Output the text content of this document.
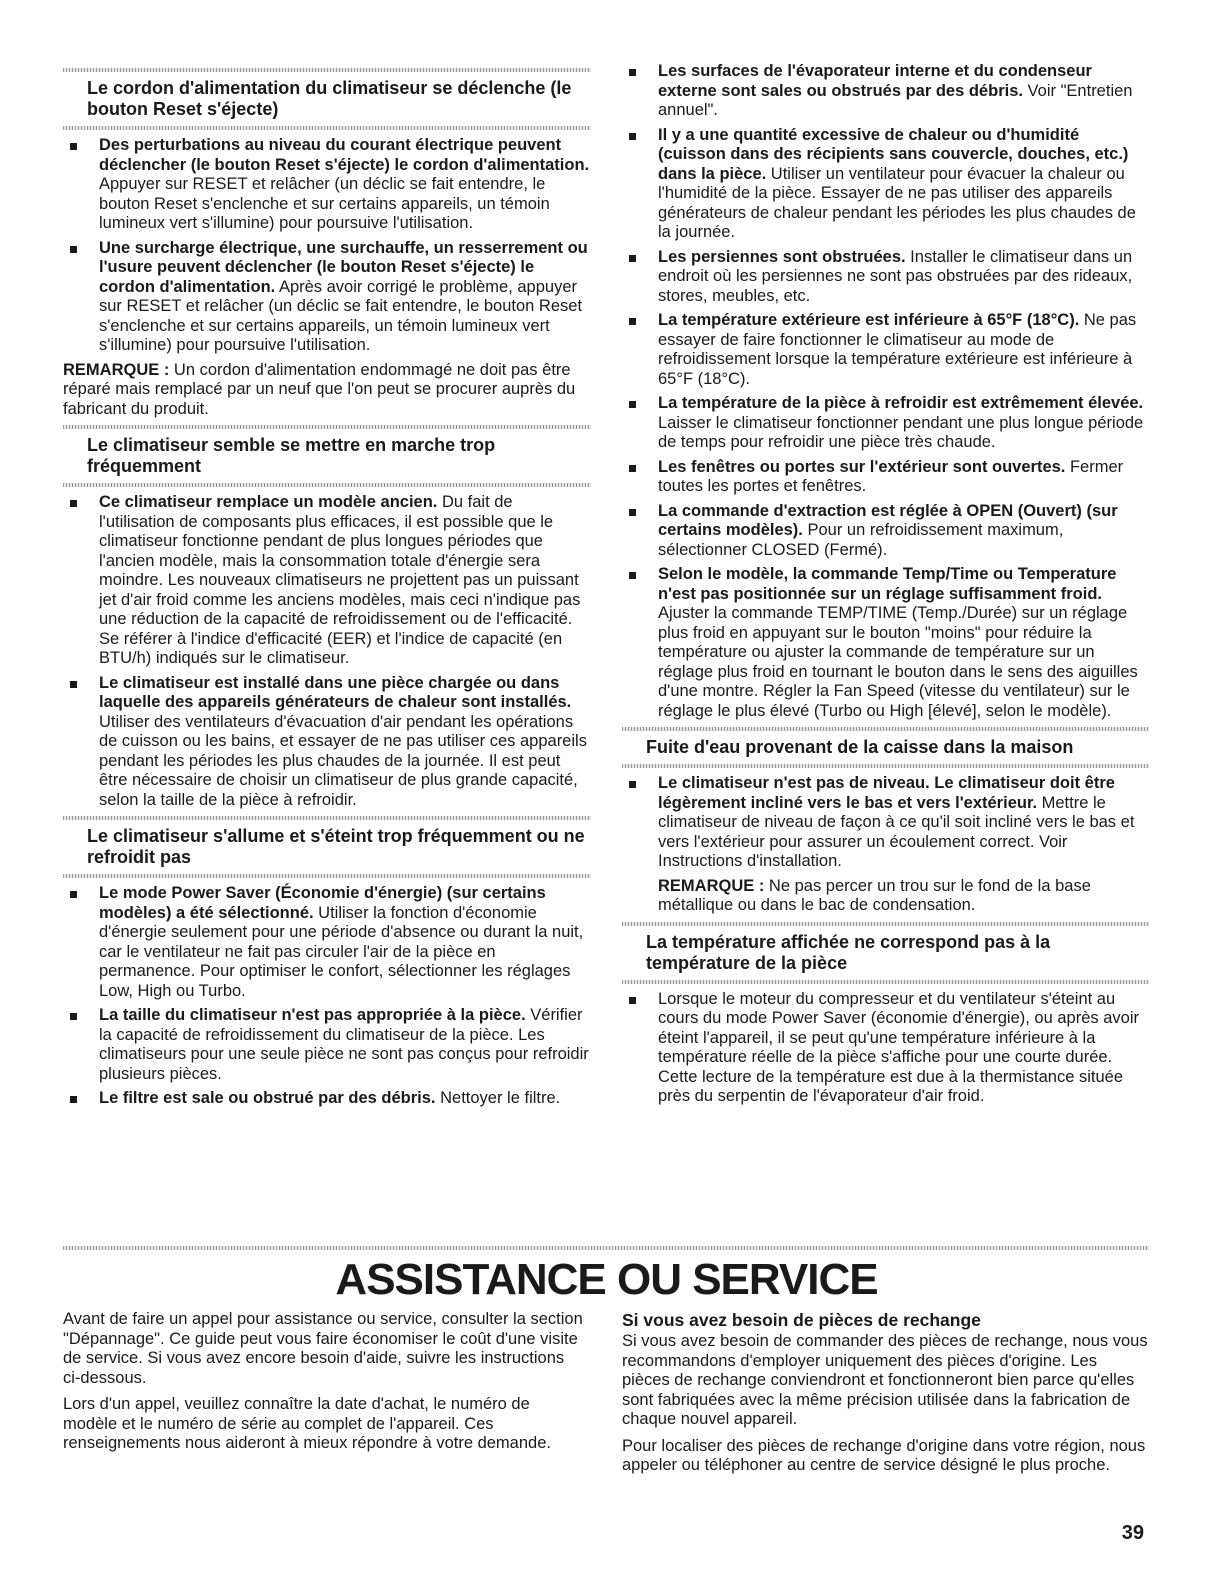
Le cordon d'alimentation du climatiseur se déclenche (le bouton Reset s'éjecte)
Des perturbations au niveau du courant électrique peuvent déclencher (le bouton Reset s'éjecte) le cordon d'alimentation. Appuyer sur RESET et relâcher (un déclic se fait entendre, le bouton Reset s'enclenche et sur certains appareils, un témoin lumineux vert s'illumine) pour poursuive l'utilisation.
Une surcharge électrique, une surchauffe, un resserrement ou l'usure peuvent déclencher (le bouton Reset s'éjecte) le cordon d'alimentation. Après avoir corrigé le problème, appuyer sur RESET et relâcher (un déclic se fait entendre, le bouton Reset s'enclenche et sur certains appareils, un témoin lumineux vert s'illumine) pour poursuive l'utilisation.
REMARQUE : Un cordon d'alimentation endommagé ne doit pas être réparé mais remplacé par un neuf que l'on peut se procurer auprès du fabricant du produit.
Le climatiseur semble se mettre en marche trop fréquemment
Ce climatiseur remplace un modèle ancien. Du fait de l'utilisation de composants plus efficaces, il est possible que le climatiseur fonctionne pendant de plus longues périodes que l'ancien modèle, mais la consommation totale d'énergie sera moindre. Les nouveaux climatiseurs ne projettent pas un puissant jet d'air froid comme les anciens modèles, mais ceci n'indique pas une réduction de la capacité de refroidissement ou de l'efficacité. Se référer à l'indice d'efficacité (EER) et l'indice de capacité (en BTU/h) indiqués sur le climatiseur.
Le climatiseur est installé dans une pièce chargée ou dans laquelle des appareils générateurs de chaleur sont installés. Utiliser des ventilateurs d'évacuation d'air pendant les opérations de cuisson ou les bains, et essayer de ne pas utiliser ces appareils pendant les périodes les plus chaudes de la journée. Il est peut être nécessaire de choisir un climatiseur de plus grande capacité, selon la taille de la pièce à refroidir.
Le climatiseur s'allume et s'éteint trop fréquemment ou ne refroidit pas
Le mode Power Saver (Économie d'énergie) (sur certains modèles) a été sélectionné. Utiliser la fonction d'économie d'énergie seulement pour une période d'absence ou durant la nuit, car le ventilateur ne fait pas circuler l'air de la pièce en permanence. Pour optimiser le confort, sélectionner les réglages Low, High ou Turbo.
La taille du climatiseur n'est pas appropriée à la pièce. Vérifier la capacité de refroidissement du climatiseur de la pièce. Les climatiseurs pour une seule pièce ne sont pas conçus pour refroidir plusieurs pièces.
Le filtre est sale ou obstrué par des débris. Nettoyer le filtre.
Les surfaces de l'évaporateur interne et du condenseur externe sont sales ou obstrués par des débris. Voir "Entretien annuel".
Il y a une quantité excessive de chaleur ou d'humidité (cuisson dans des récipients sans couvercle, douches, etc.) dans la pièce. Utiliser un ventilateur pour évacuer la chaleur ou l'humidité de la pièce. Essayer de ne pas utiliser des appareils générateurs de chaleur pendant les périodes les plus chaudes de la journée.
Les persiennes sont obstruées. Installer le climatiseur dans un endroit où les persiennes ne sont pas obstruées par des rideaux, stores, meubles, etc.
La température extérieure est inférieure à 65°F (18°C). Ne pas essayer de faire fonctionner le climatiseur au mode de refroidissement lorsque la température extérieure est inférieure à 65°F (18°C).
La température de la pièce à refroidir est extrêmement élevée. Laisser le climatiseur fonctionner pendant une plus longue période de temps pour refroidir une pièce très chaude.
Les fenêtres ou portes sur l'extérieur sont ouvertes. Fermer toutes les portes et fenêtres.
La commande d'extraction est réglée à OPEN (Ouvert) (sur certains modèles). Pour un refroidissement maximum, sélectionner CLOSED (Fermé).
Selon le modèle, la commande Temp/Time ou Temperature n'est pas positionnée sur un réglage suffisamment froid. Ajuster la commande TEMP/TIME (Temp./Durée) sur un réglage plus froid en appuyant sur le bouton "moins" pour réduire la température ou ajuster la commande de température sur un réglage plus froid en tournant le bouton dans le sens des aiguilles d'une montre. Régler la Fan Speed (vitesse du ventilateur) sur le réglage le plus élevé (Turbo ou High [élevé], selon le modèle).
Fuite d'eau provenant de la caisse dans la maison
Le climatiseur n'est pas de niveau. Le climatiseur doit être légèrement incliné vers le bas et vers l'extérieur. Mettre le climatiseur de niveau de façon à ce qu'il soit incliné vers le bas et vers l'extérieur pour assurer un écoulement correct. Voir Instructions d'installation.
REMARQUE : Ne pas percer un trou sur le fond de la base métallique ou dans le bac de condensation.
La température affichée ne correspond pas à la température de la pièce
Lorsque le moteur du compresseur et du ventilateur s'éteint au cours du mode Power Saver (économie d'énergie), ou après avoir éteint l'appareil, il se peut qu'une température inférieure à la température réelle de la pièce s'affiche pour une courte durée. Cette lecture de la température est due à la thermistance située près du serpentin de l'évaporateur d'air froid.
ASSISTANCE OU SERVICE

Avant de faire un appel pour assistance ou service, consulter la section "Dépannage". Ce guide peut vous faire économiser le coût d'une visite de service. Si vous avez encore besoin d'aide, suivre les instructions ci-dessous.

Lors d'un appel, veuillez connaître la date d'achat, le numéro de modèle et le numéro de série au complet de l'appareil. Ces renseignements nous aideront à mieux répondre à votre demande.

Si vous avez besoin de pièces de rechange

Si vous avez besoin de commander des pièces de rechange, nous vous recommandons d'employer uniquement des pièces d'origine. Les pièces de rechange conviendront et fonctionneront bien parce qu'elles sont fabriquées avec la même précision utilisée dans la fabrication de chaque nouvel appareil.

Pour localiser des pièces de rechange d'origine dans votre région, nous appeler ou téléphoner au centre de service désigné le plus proche.

39
